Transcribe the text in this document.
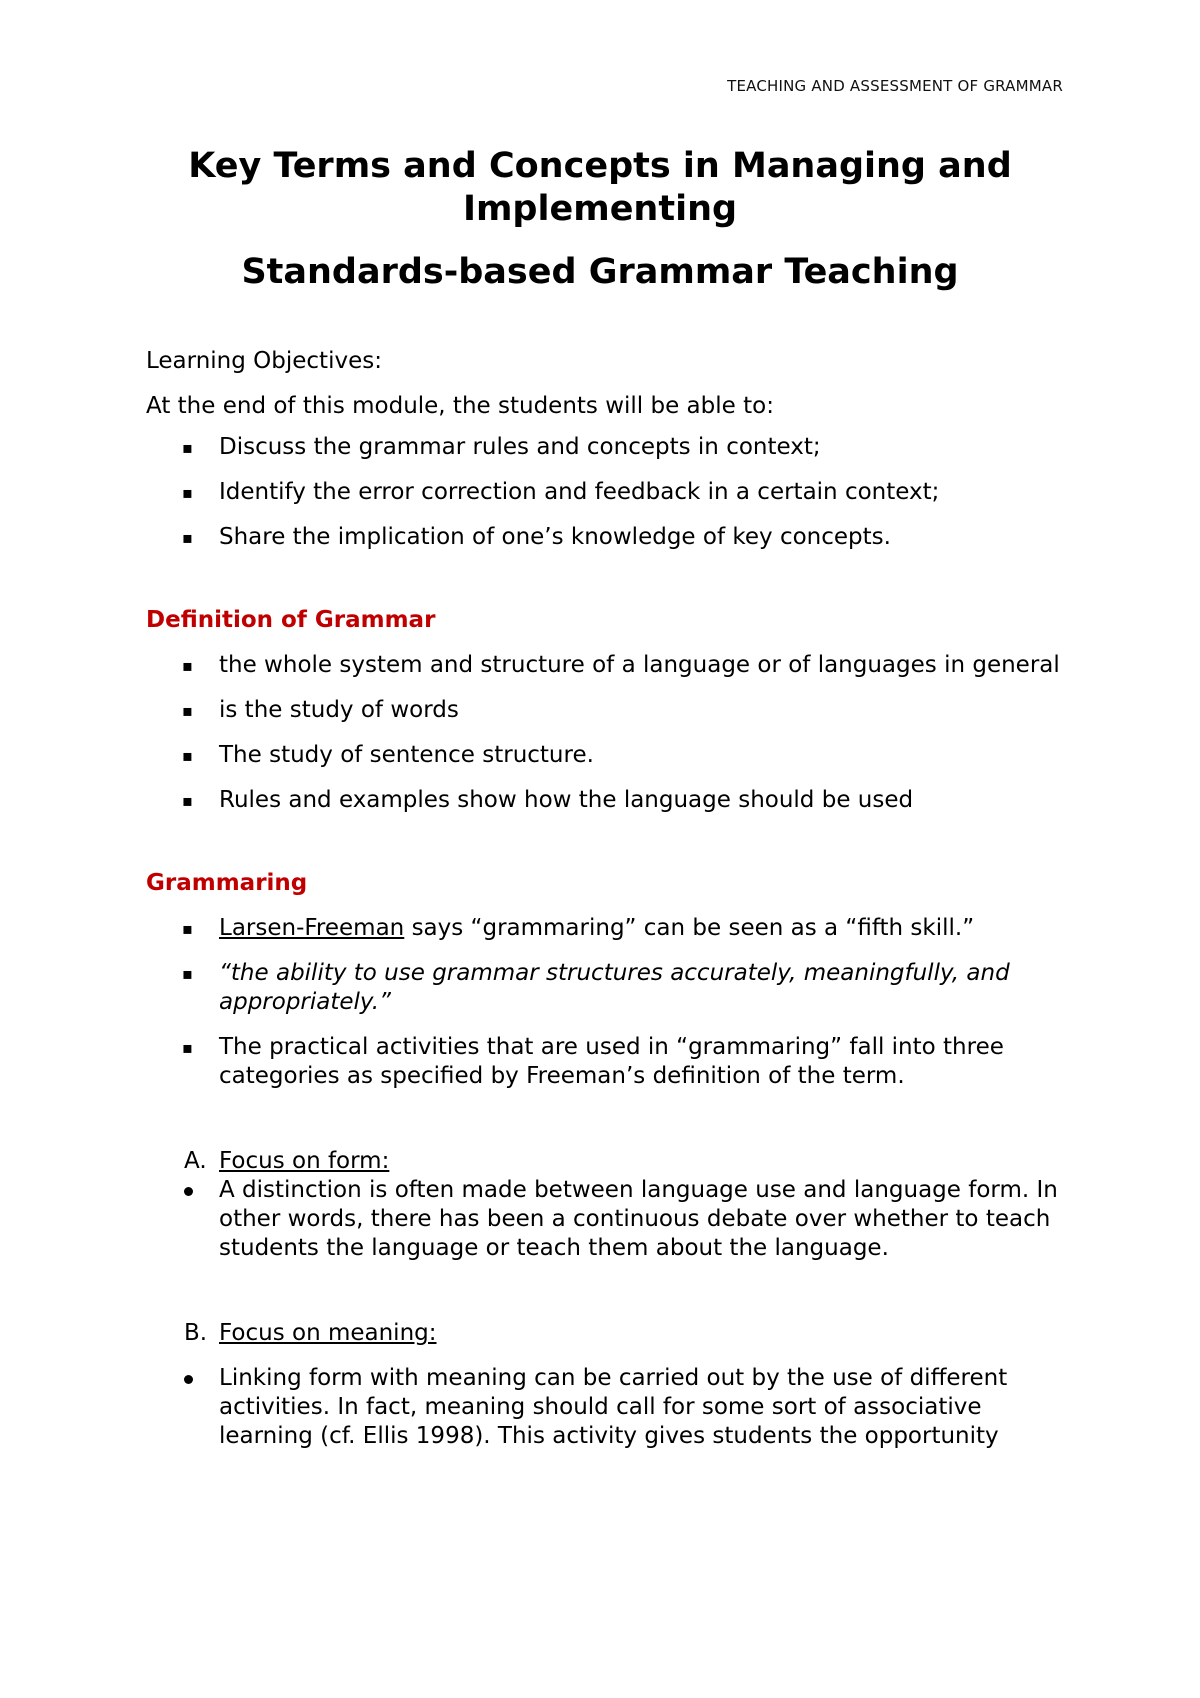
TEACHING AND ASSESSMENT OF GRAMMAR
Key Terms and Concepts in Managing and Implementing
Standards-based Grammar Teaching

Learning Objectives:

At the end of this module, the students will be able to:

▪ Discuss the grammar rules and concepts in context;
▪ Identify the error correction and feedback in a certain context;
▪ Share the implication of one’s knowledge of key concepts.

Definition of Grammar

▪ the whole system and structure of a language or of languages in general
▪ is the study of words
▪ The study of sentence structure.
▪ Rules and examples show how the language should be used

Grammaring

▪ Larsen-Freeman says “grammaring” can be seen as a “fifth skill.”
▪ “the ability to use grammar structures accurately, meaningfully, and appropriately.”
▪ The practical activities that are used in “grammaring” fall into three categories as specified by Freeman’s definition of the term.
A. Focus on form:
A distinction is often made between language use and language form. In other words, there has been a continuous debate over whether to teach students the language or teach them about the language.
B. Focus on meaning:
Linking form with meaning can be carried out by the use of different activities. In fact, meaning should call for some sort of associative learning (cf. Ellis 1998). This activity gives students the opportunity
